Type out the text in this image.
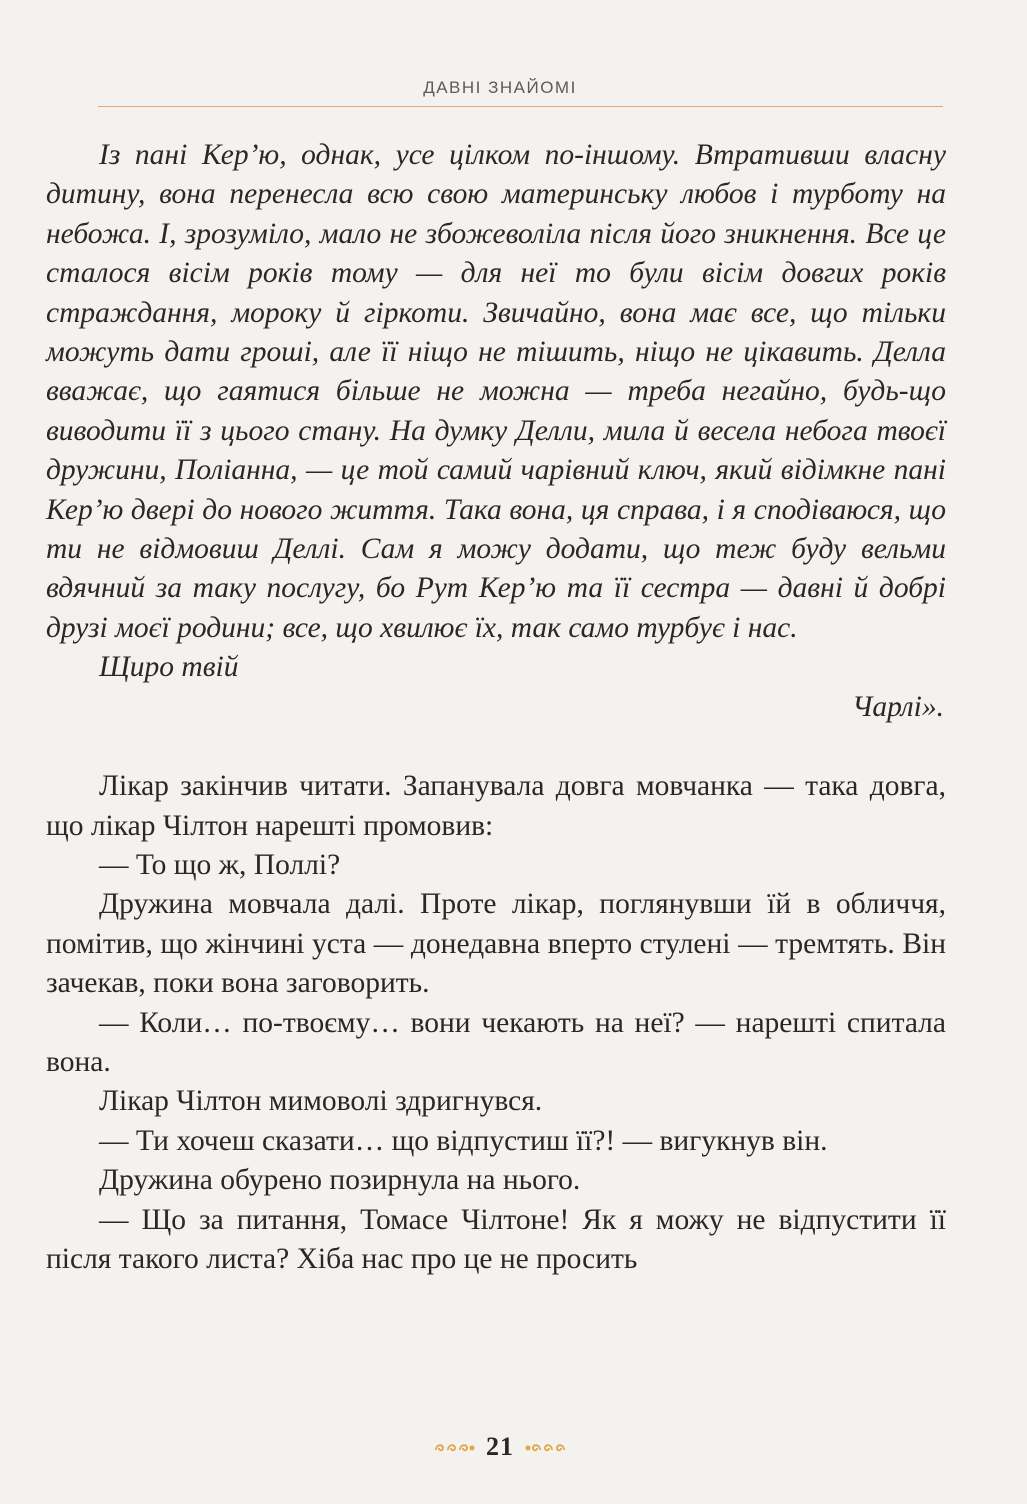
ДАВНІ ЗНАЙОМІ

Із пані Кер’ю, однак, усе цілком по-іншому. Втративши власну дитину, вона перенесла всю свою материнську любов і турботу на небожа. І, зрозуміло, мало не збожеволіла після його зникнення. Все це сталося вісім років тому — для неї то були вісім довгих років страждання, мороку й гіркоти. Звичайно, вона має все, що тільки можуть дати гроші, але її ніщо не тішить, ніщо не цікавить. Делла вважає, що гаятися більше не можна — треба негайно, будь-що виводити її з цього стану. На думку Делли, мила й весела небога твоєї дружини, Поліанна, — це той самий чарівний ключ, який відімкне пані Кер’ю двері до нового життя. Така вона, ця справа, і я сподіваюся, що ти не відмовиш Деллі. Сам я можу додати, що теж буду вельми вдячний за таку послугу, бо Рут Кер’ю та її сестра — давні й добрі друзі моєї родини; все, що хвилює їх, так само турбує і нас.

Щиро твій

Чарлі».

Лікар закінчив читати. Запанувала довга мовчанка — така довга, що лікар Чілтон нарешті промовив:

— То що ж, Поллі?

Дружина мовчала далі. Проте лікар, поглянувши їй в обличчя, помітив, що жінчині уста — донедавна вперто стулені — тремтять. Він зачекав, поки вона заговорить.

— Коли… по-твоєму… вони чекають на неї? — нарешті спитала вона.

Лікар Чілтон мимоволі здригнувся.

— Ти хочеш сказати… що відпустиш її?! — вигукнув він.

Дружина обурено позирнула на нього.

— Що за питання, Томасе Чілтоне! Як я можу не відпустити її після такого листа? Хіба нас про це не просить

21
